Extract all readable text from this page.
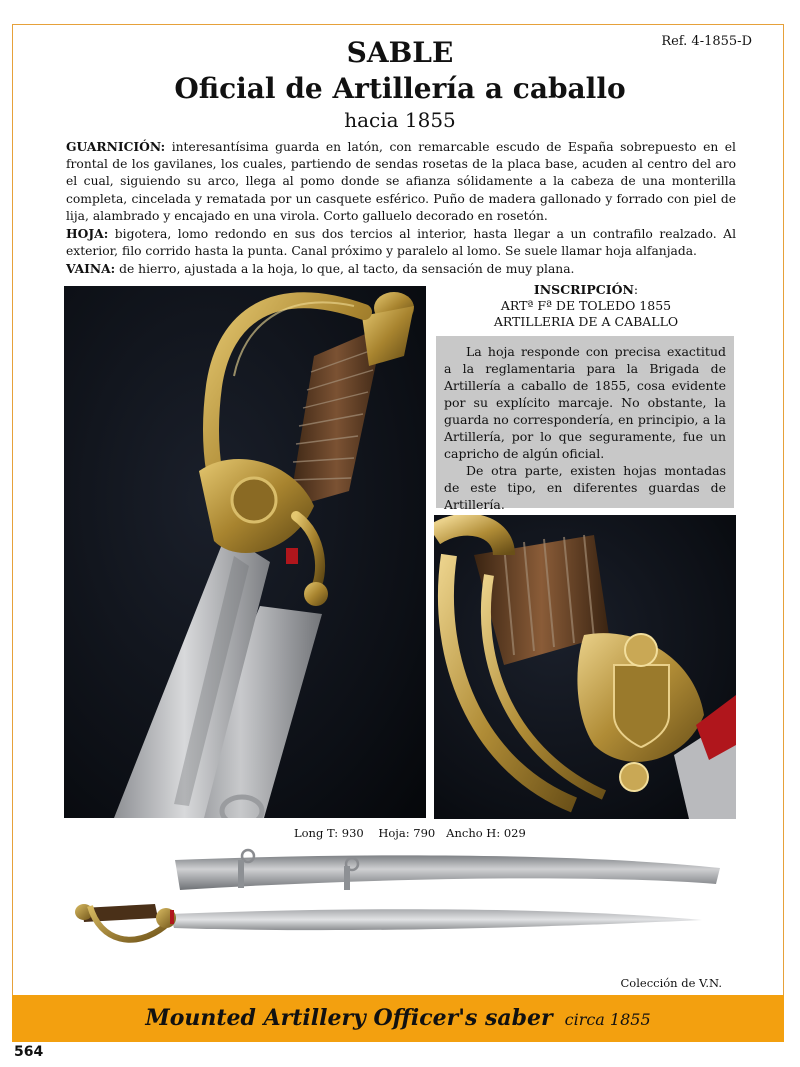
Ref. 4-1855-D
SABLE
Oficial de Artillería a caballo
hacia 1855

GUARNICIÓN: interesantísima guarda en latón, con remarcable escudo de España sobrepuesto en el frontal de los gavilanes, los cuales, partiendo de sendas rosetas de la placa base, acuden al centro del aro el cual, siguiendo su arco, llega al pomo donde se afianza sólidamente a la cabeza de una monterilla completa, cincelada y rematada por un casquete esférico. Puño de madera gallonado y forrado con piel de lija, alambrado y encajado en una virola. Corto galluelo decorado en rosetón.

HOJA: bigotera, lomo redondo en sus dos tercios al interior, hasta llegar a un contrafilo realzado. Al exterior, filo corrido hasta la punta. Canal próximo y paralelo al lomo. Se suele llamar hoja alfanjada.

VAINA: de hierro, ajustada a la hoja, lo que, al tacto, da sensación de muy plana.

INSCRIPCIÓN:
ARTª Fª DE TOLEDO 1855
ARTILLERIA DE A CABALLO

La hoja responde con precisa exactitud a la reglamentaria para la Brigada de Artillería a caballo de 1855, cosa evidente por su explícito marcaje. No obstante, la guarda no correspondería, en principio, a la Artillería, por lo que seguramente, fue un capricho de algún oficial.

De otra parte, existen hojas montadas de este tipo, en diferentes guardas de Artillería.

Long T: 930    Hoja: 790   Ancho H: 029
Colección de V.N.
Mounted Artillery Officer's saber circa 1855
564
